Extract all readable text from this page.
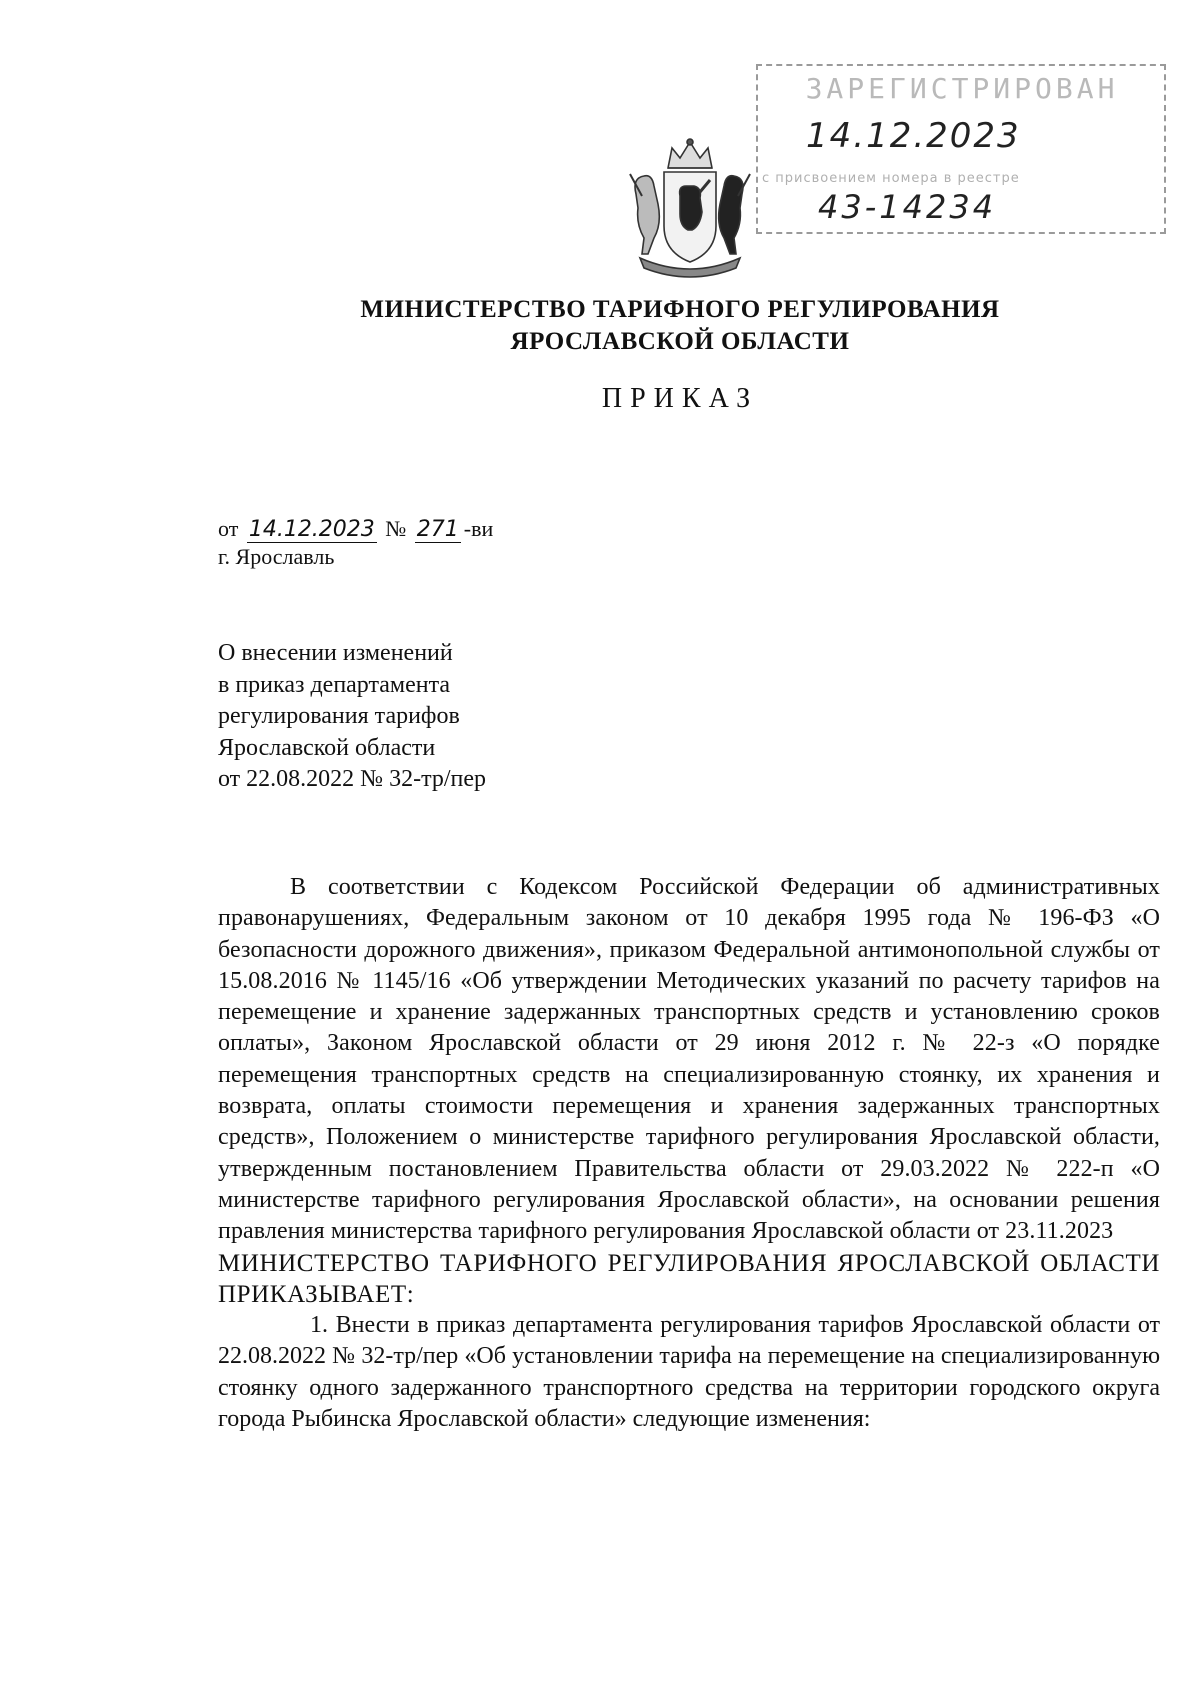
ЗАРЕГИСТРИРОВАН
14.12.2023
с присвоением номера в реестре
43-14234
МИНИСТЕРСТВО ТАРИФНОГО РЕГУЛИРОВАНИЯ
ЯРОСЛАВСКОЙ ОБЛАСТИ
ПРИКАЗ
от 14.12.2023 № 271 -ви
г. Ярославль
О внесении изменений
в приказ департамента
регулирования тарифов
Ярославской области
от 22.08.2022 № 32-тр/пер

В соответствии с Кодексом Российской Федерации об административных правонарушениях, Федеральным законом от 10 декабря 1995 года № 196-ФЗ «О безопасности дорожного движения», приказом Федеральной антимонопольной службы от 15.08.2016 № 1145/16 «Об утверждении Методических указаний по расчету тарифов на перемещение и хранение задержанных транспортных средств и установлению сроков оплаты», Законом Ярославской области от 29 июня 2012 г. № 22-з «О порядке перемещения транспортных средств на специализированную стоянку, их хранения и возврата, оплаты стоимости перемещения и хранения задержанных транспортных средств», Положением о министерстве тарифного регулирования Ярославской области, утвержденным постановлением Правительства области от 29.03.2022 № 222-п «О министерстве тарифного регулирования Ярославской области», на основании решения правления министерства тарифного регулирования Ярославской области от 23.11.2023

МИНИСТЕРСТВО ТАРИФНОГО РЕГУЛИРОВАНИЯ ЯРОСЛАВСКОЙ ОБЛАСТИ ПРИКАЗЫВАЕТ:

1. Внести в приказ департамента регулирования тарифов Ярославской области от 22.08.2022 № 32-тр/пер «Об установлении тарифа на перемещение на специализированную стоянку одного задержанного транспортного средства на территории городского округа города Рыбинска Ярославской области» следующие изменения:
